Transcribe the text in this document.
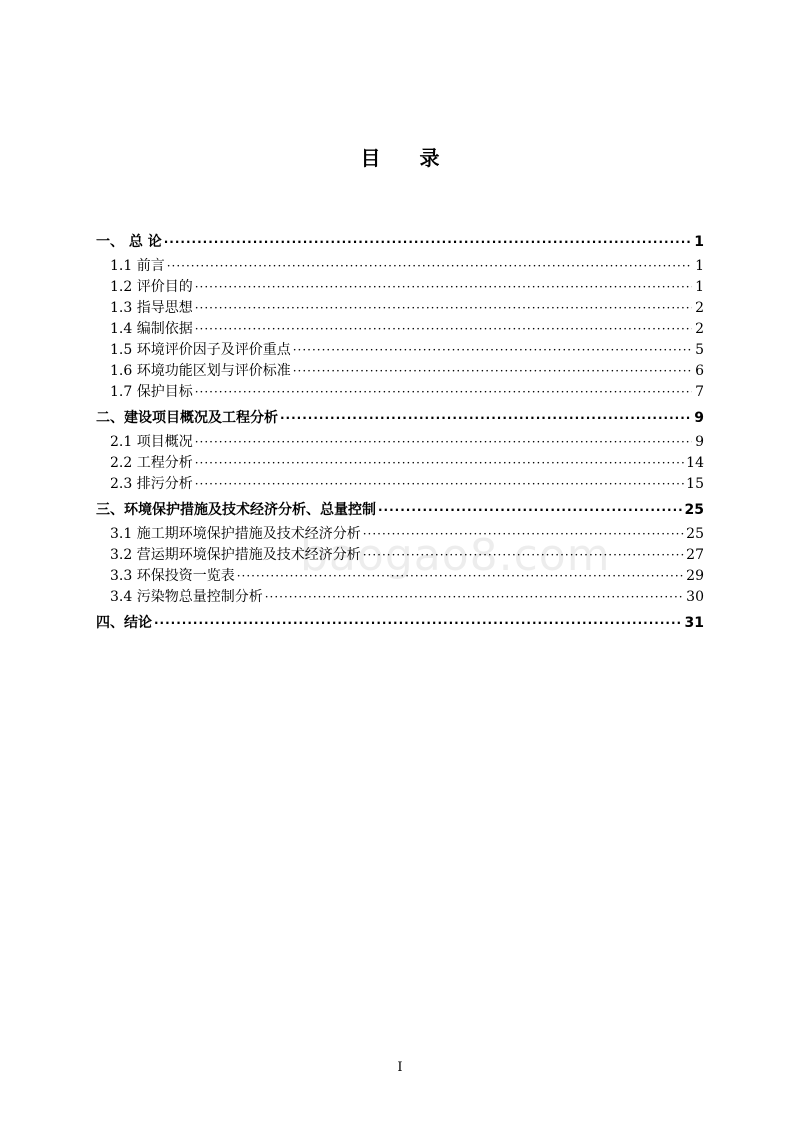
目 录
一、 总 论 ·····	1
1.1 前言 ·····	1
1.2 评价目的 ·····	1
1.3 指导思想 ·····	2
1.4 编制依据 ·····	2
1.5 环境评价因子及评价重点 ·····	5
1.6 环境功能区划与评价标准 ·····	6
1.7 保护目标 ·····	7
二、建设项目概况及工程分析 ·····	9
2.1 项目概况 ·····	9
2.2 工程分析 ·····	14
2.3 排污分析 ·····	15
三、环境保护措施及技术经济分析、总量控制 ·····	25
3.1 施工期环境保护措施及技术经济分析 ·····	25
3.2 营运期环境保护措施及技术经济分析 ·····	27
3.3 环保投资一览表 ·····	29
3.4 污染物总量控制分析 ·····	30
四、结论 ·····	31
baogao8.com
I
